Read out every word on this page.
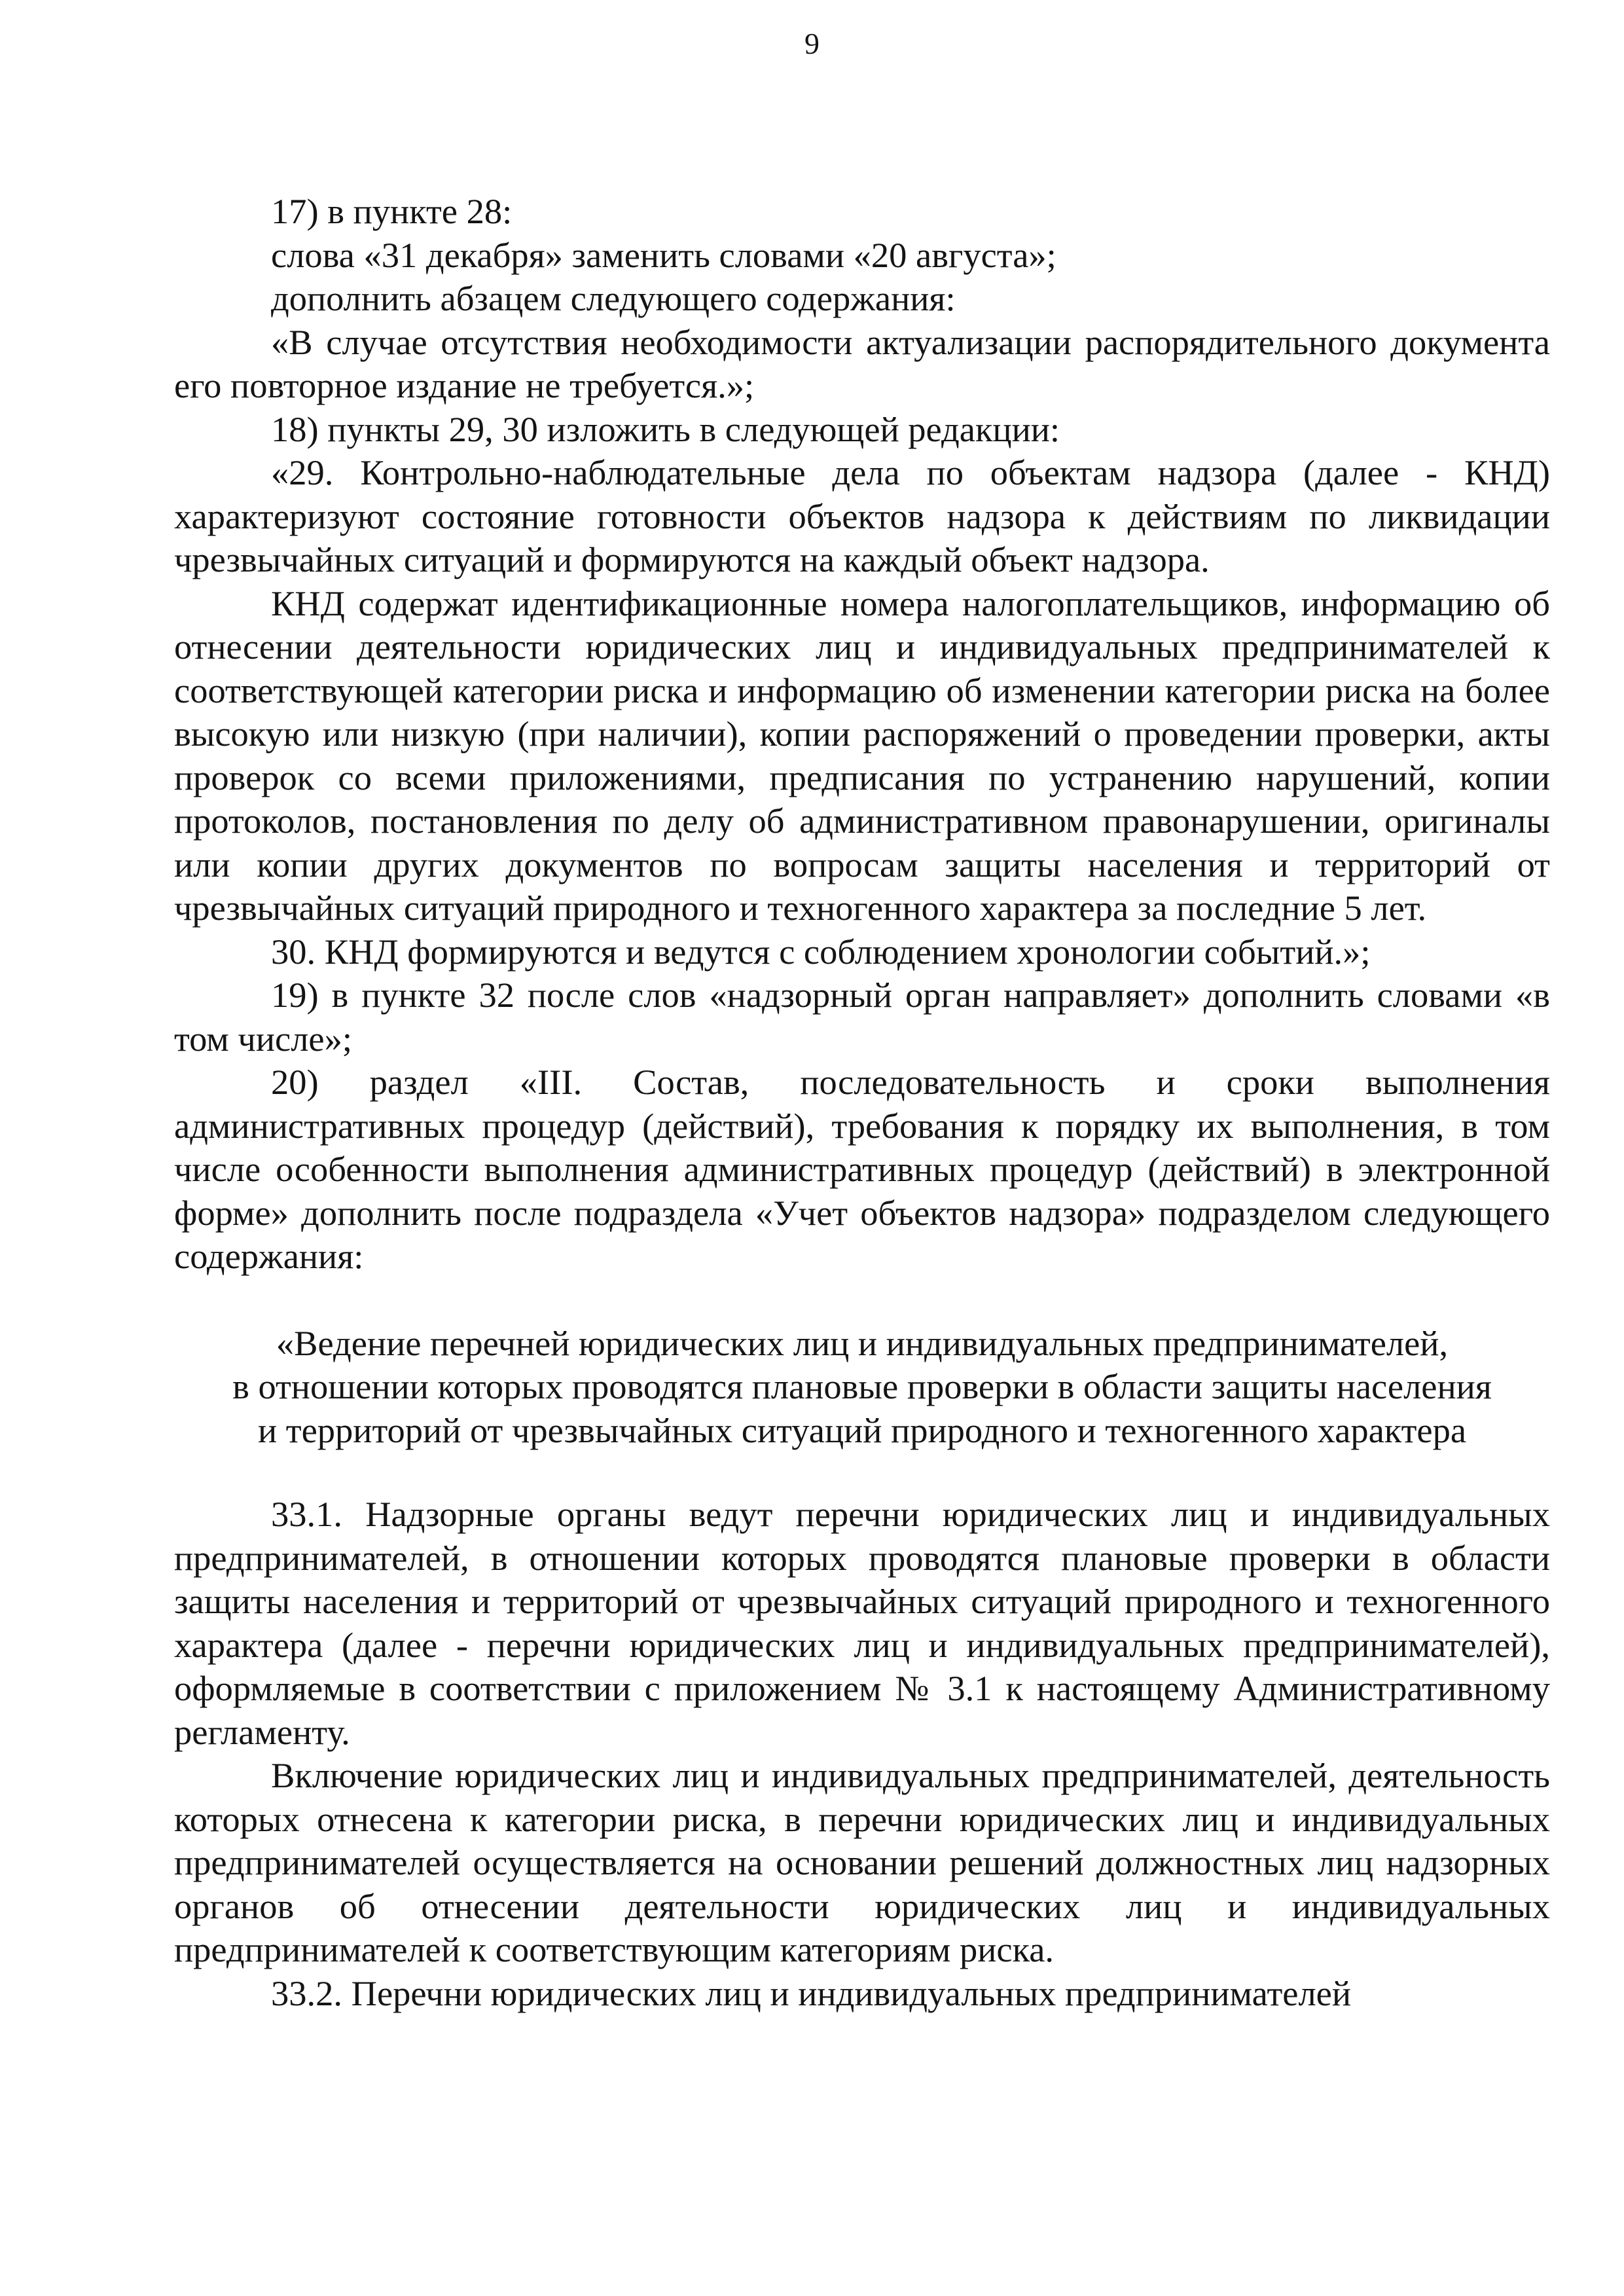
9

17) в пункте 28:

слова «31 декабря» заменить словами «20 августа»;

дополнить абзацем следующего содержания:

«В случае отсутствия необходимости актуализации распорядительного документа его повторное издание не требуется.»;

18) пункты 29, 30 изложить в следующей редакции:

«29. Контрольно-наблюдательные дела по объектам надзора (далее - КНД) характеризуют состояние готовности объектов надзора к действиям по ликвидации чрезвычайных ситуаций и формируются на каждый объект надзора.

КНД содержат идентификационные номера налогоплательщиков, информацию об отнесении деятельности юридических лиц и индивидуальных предпринимателей к соответствующей категории риска и информацию об изменении категории риска на более высокую или низкую (при наличии), копии распоряжений о проведении проверки, акты проверок со всеми приложениями, предписания по устранению нарушений, копии протоколов, постановления по делу об административном правонарушении, оригиналы или копии других документов по вопросам защиты населения и территорий от чрезвычайных ситуаций природного и техногенного характера за последние 5 лет.

30. КНД формируются и ведутся с соблюдением хронологии событий.»;

19) в пункте 32 после слов «надзорный орган направляет» дополнить словами «в том числе»;

20) раздел «III. Состав, последовательность и сроки выполнения административных процедур (действий), требования к порядку их выполнения, в том числе особенности выполнения административных процедур (действий) в электронной форме» дополнить после подраздела «Учет объектов надзора» подразделом следующего содержания:

«Ведение перечней юридических лиц и индивидуальных предпринимателей,
в отношении которых проводятся плановые проверки в области защиты населения
и территорий от чрезвычайных ситуаций природного и техногенного характера

33.1. Надзорные органы ведут перечни юридических лиц и индивидуальных предпринимателей, в отношении которых проводятся плановые проверки в области защиты населения и территорий от чрезвычайных ситуаций природного и техногенного характера (далее - перечни юридических лиц и индивидуальных предпринимателей), оформляемые в соответствии с приложением № 3.1 к настоящему Административному регламенту.

Включение юридических лиц и индивидуальных предпринимателей, деятельность которых отнесена к категории риска, в перечни юридических лиц и индивидуальных предпринимателей осуществляется на основании решений должностных лиц надзорных органов об отнесении деятельности юридических лиц и индивидуальных предпринимателей к соответствующим категориям риска.

33.2. Перечни юридических лиц и индивидуальных предпринимателей
